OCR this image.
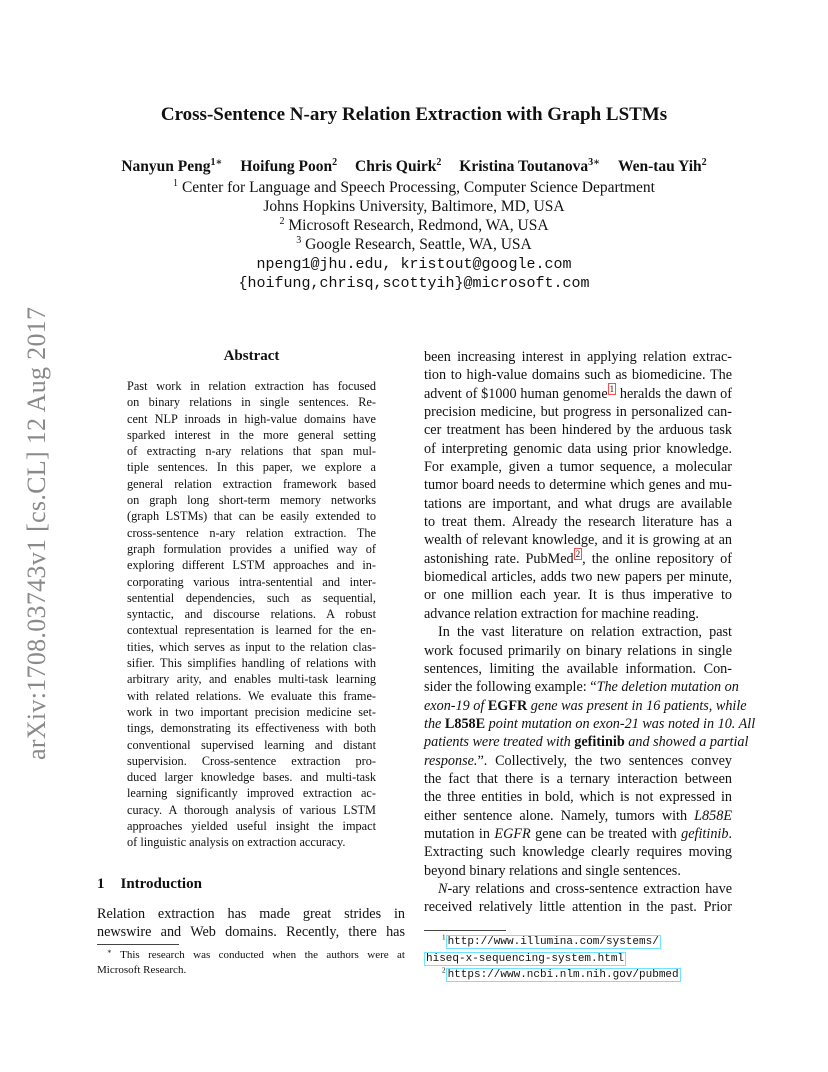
arXiv:1708.03743v1 [cs.CL] 12 Aug 2017
Cross-Sentence N-ary Relation Extraction with Graph LSTMs
Nanyun Peng$^{1∗}$ Hoifung Poon$^2$ Chris Quirk$^2$ Kristina Toutanova$^{3∗}$ Wen-tau Yih$^2$
$^1$ Center for Language and Speech Processing, Computer Science Department
Johns Hopkins University, Baltimore, MD, USA
$^2$ Microsoft Research, Redmond, WA, USA
$^3$ Google Research, Seattle, WA, USA
npeng1@jhu.edu, kristout@google.com
{hoifung,chrisq,scottyih}@microsoft.com
Abstract
Past work in relation extraction has focused
on binary relations in single sentences. Re-
cent NLP inroads in high-value domains have
sparked interest in the more general setting
of extracting n-ary relations that span mul-
tiple sentences. In this paper, we explore a
general relation extraction framework based
on graph long short-term memory networks
(graph LSTMs) that can be easily extended to
cross-sentence n-ary relation extraction. The
graph formulation provides a unified way of
exploring different LSTM approaches and in-
corporating various intra-sentential and inter-
sentential dependencies, such as sequential,
syntactic, and discourse relations. A robust
contextual representation is learned for the en-
tities, which serves as input to the relation clas-
sifier. This simplifies handling of relations with
arbitrary arity, and enables multi-task learning
with related relations. We evaluate this frame-
work in two important precision medicine set-
tings, demonstrating its effectiveness with both
conventional supervised learning and distant
supervision. Cross-sentence extraction pro-
duced larger knowledge bases. and multi-task
learning significantly improved extraction ac-
curacy. A thorough analysis of various LSTM
approaches yielded useful insight the impact
of linguistic analysis on extraction accuracy.
1 Introduction
Relation extraction has made great strides in
newswire and Web domains. Recently, there has
∗ This research was conducted when the authors were at
Microsoft Research.
been increasing interest in applying relation extrac-
tion to high-value domains such as biomedicine. The
advent of $1000 human genome $^1$ heralds the dawn of
precision medicine, but progress in personalized can-
cer treatment has been hindered by the arduous task
of interpreting genomic data using prior knowledge.
For example, given a tumor sequence, a molecular
tumor board needs to determine which genes and mu-
tations are important, and what drugs are available
to treat them. Already the research literature has a
wealth of relevant knowledge, and it is growing at an
astonishing rate. PubMed $^2$ , the online repository of
biomedical articles, adds two new papers per minute,
or one million each year. It is thus imperative to
advance relation extraction for machine reading.
In the vast literature on relation extraction, past
work focused primarily on binary relations in single
sentences, limiting the available information. Con-
sider the following example: “The deletion mutation on
exon-19 of EGFR gene was present in 16 patients, while
the L858E point mutation on exon-21 was noted in 10. All
patients were treated with gefitinib and showed a partial
response.”. Collectively, the two sentences convey
the fact that there is a ternary interaction between
the three entities in bold, which is not expressed in
either sentence alone. Namely, tumors with L858E
mutation in EGFR gene can be treated with gefitinib.
Extracting such knowledge clearly requires moving
beyond binary relations and single sentences.
N-ary relations and cross-sentence extraction have
received relatively little attention in the past. Prior
$^1$ http://www.illumina.com/systems/
hiseq-x-sequencing-system.html
$^2$ https://www.ncbi.nlm.nih.gov/pubmed
